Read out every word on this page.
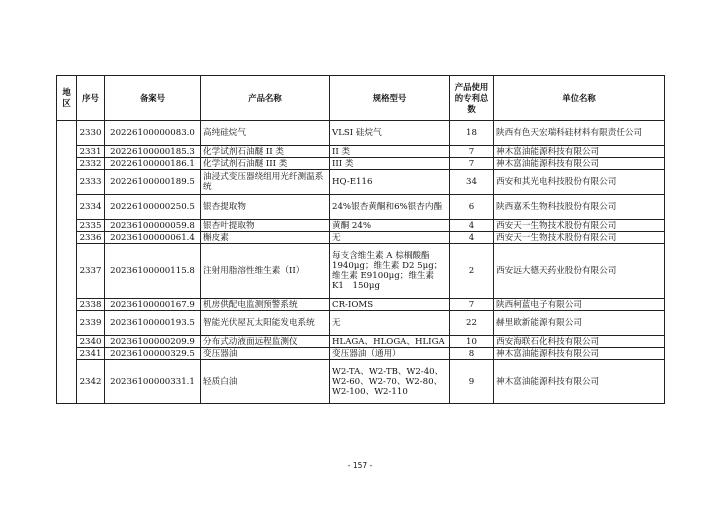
地区	序号	备案号	产品名称	规格型号	产品使用的专利总数	单位名称
	2330	20226100000083.0	高纯硅烷气	VLSI 硅烷气	18	陕西有色天宏瑞科硅材料有限责任公司
	2331	20226100000185.3	化学试剂石油醚 II 类	II 类	7	神木富油能源科技有限公司
	2332	20226100000186.1	化学试剂石油醚 III 类	III 类	7	神木富油能源科技有限公司
	2333	20226100000189.5	油浸式变压器绕组用光纤测温系统	HQ-E116	34	西安和其光电科技股份有限公司
	2334	20226100000250.5	银杏提取物	24%银杏黄酮和6%银杏内酯	6	陕西嘉禾生物科技股份有限公司
	2335	20236100000059.8	银杏叶提取物	黄酮 24%	4	西安天一生物技术股份有限公司
	2336	20236100000061.4	槲皮素	无	4	西安天一生物技术股份有限公司
	2337	20236100000115.8	注射用脂溶性维生素（II）	每支含维生素 A 棕榈酸酯 1940μg；维生素 D2 5μg；维生素 E9100μg；维生素 K1　150μg	2	西安远大德天药业股份有限公司
	2338	20236100000167.9	机房供配电监测预警系统	CR-IOMS	7	陕西柯蓝电子有限公司
	2339	20236100000193.5	智能光伏屋瓦太阳能发电系统	无	22	赫里欧新能源有限公司
	2340	20236100000209.9	分布式动液面远程监测仪	HLAGA、HLOGA、HLIGA	10	西安海联石化科技有限公司
	2341	20236100000329.5	变压器油	变压器油（通用）	8	神木富油能源科技有限公司
	2342	20236100000331.1	轻质白油	W2-TA、W2-TB、W2-40、W2-60、W2-70、W2-80、W2-100、W2-110	9	神木富油能源科技有限公司
- 157 -
